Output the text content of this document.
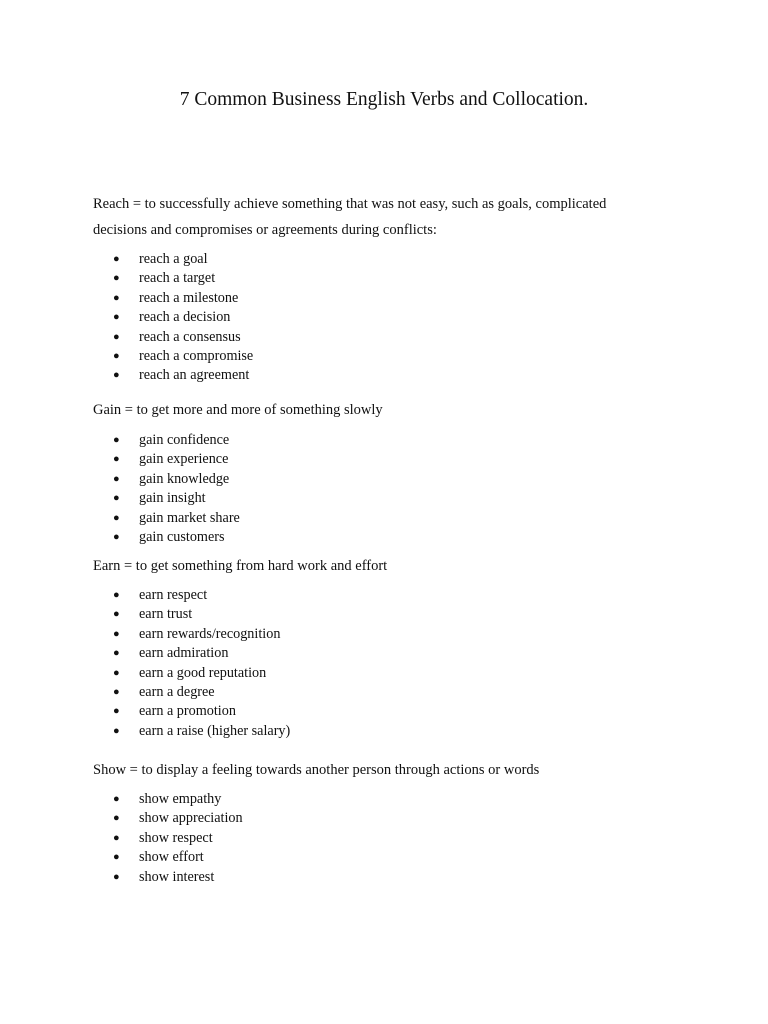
7 Common Business English Verbs and Collocation.
Reach = to successfully achieve something that was not easy, such as goals, complicated decisions and compromises or agreements during conflicts:
● reach a goal
● reach a target
● reach a milestone
● reach a decision
● reach a consensus
● reach a compromise
● reach an agreement
Gain = to get more and more of something slowly
● gain confidence
● gain experience
● gain knowledge
● gain insight
● gain market share
● gain customers
Earn = to get something from hard work and effort
● earn respect
● earn trust
● earn rewards/recognition
● earn admiration
● earn a good reputation
● earn a degree
● earn a promotion
● earn a raise (higher salary)
Show = to display a feeling towards another person through actions or words
● show empathy
● show appreciation
● show respect
● show effort
● show interest
